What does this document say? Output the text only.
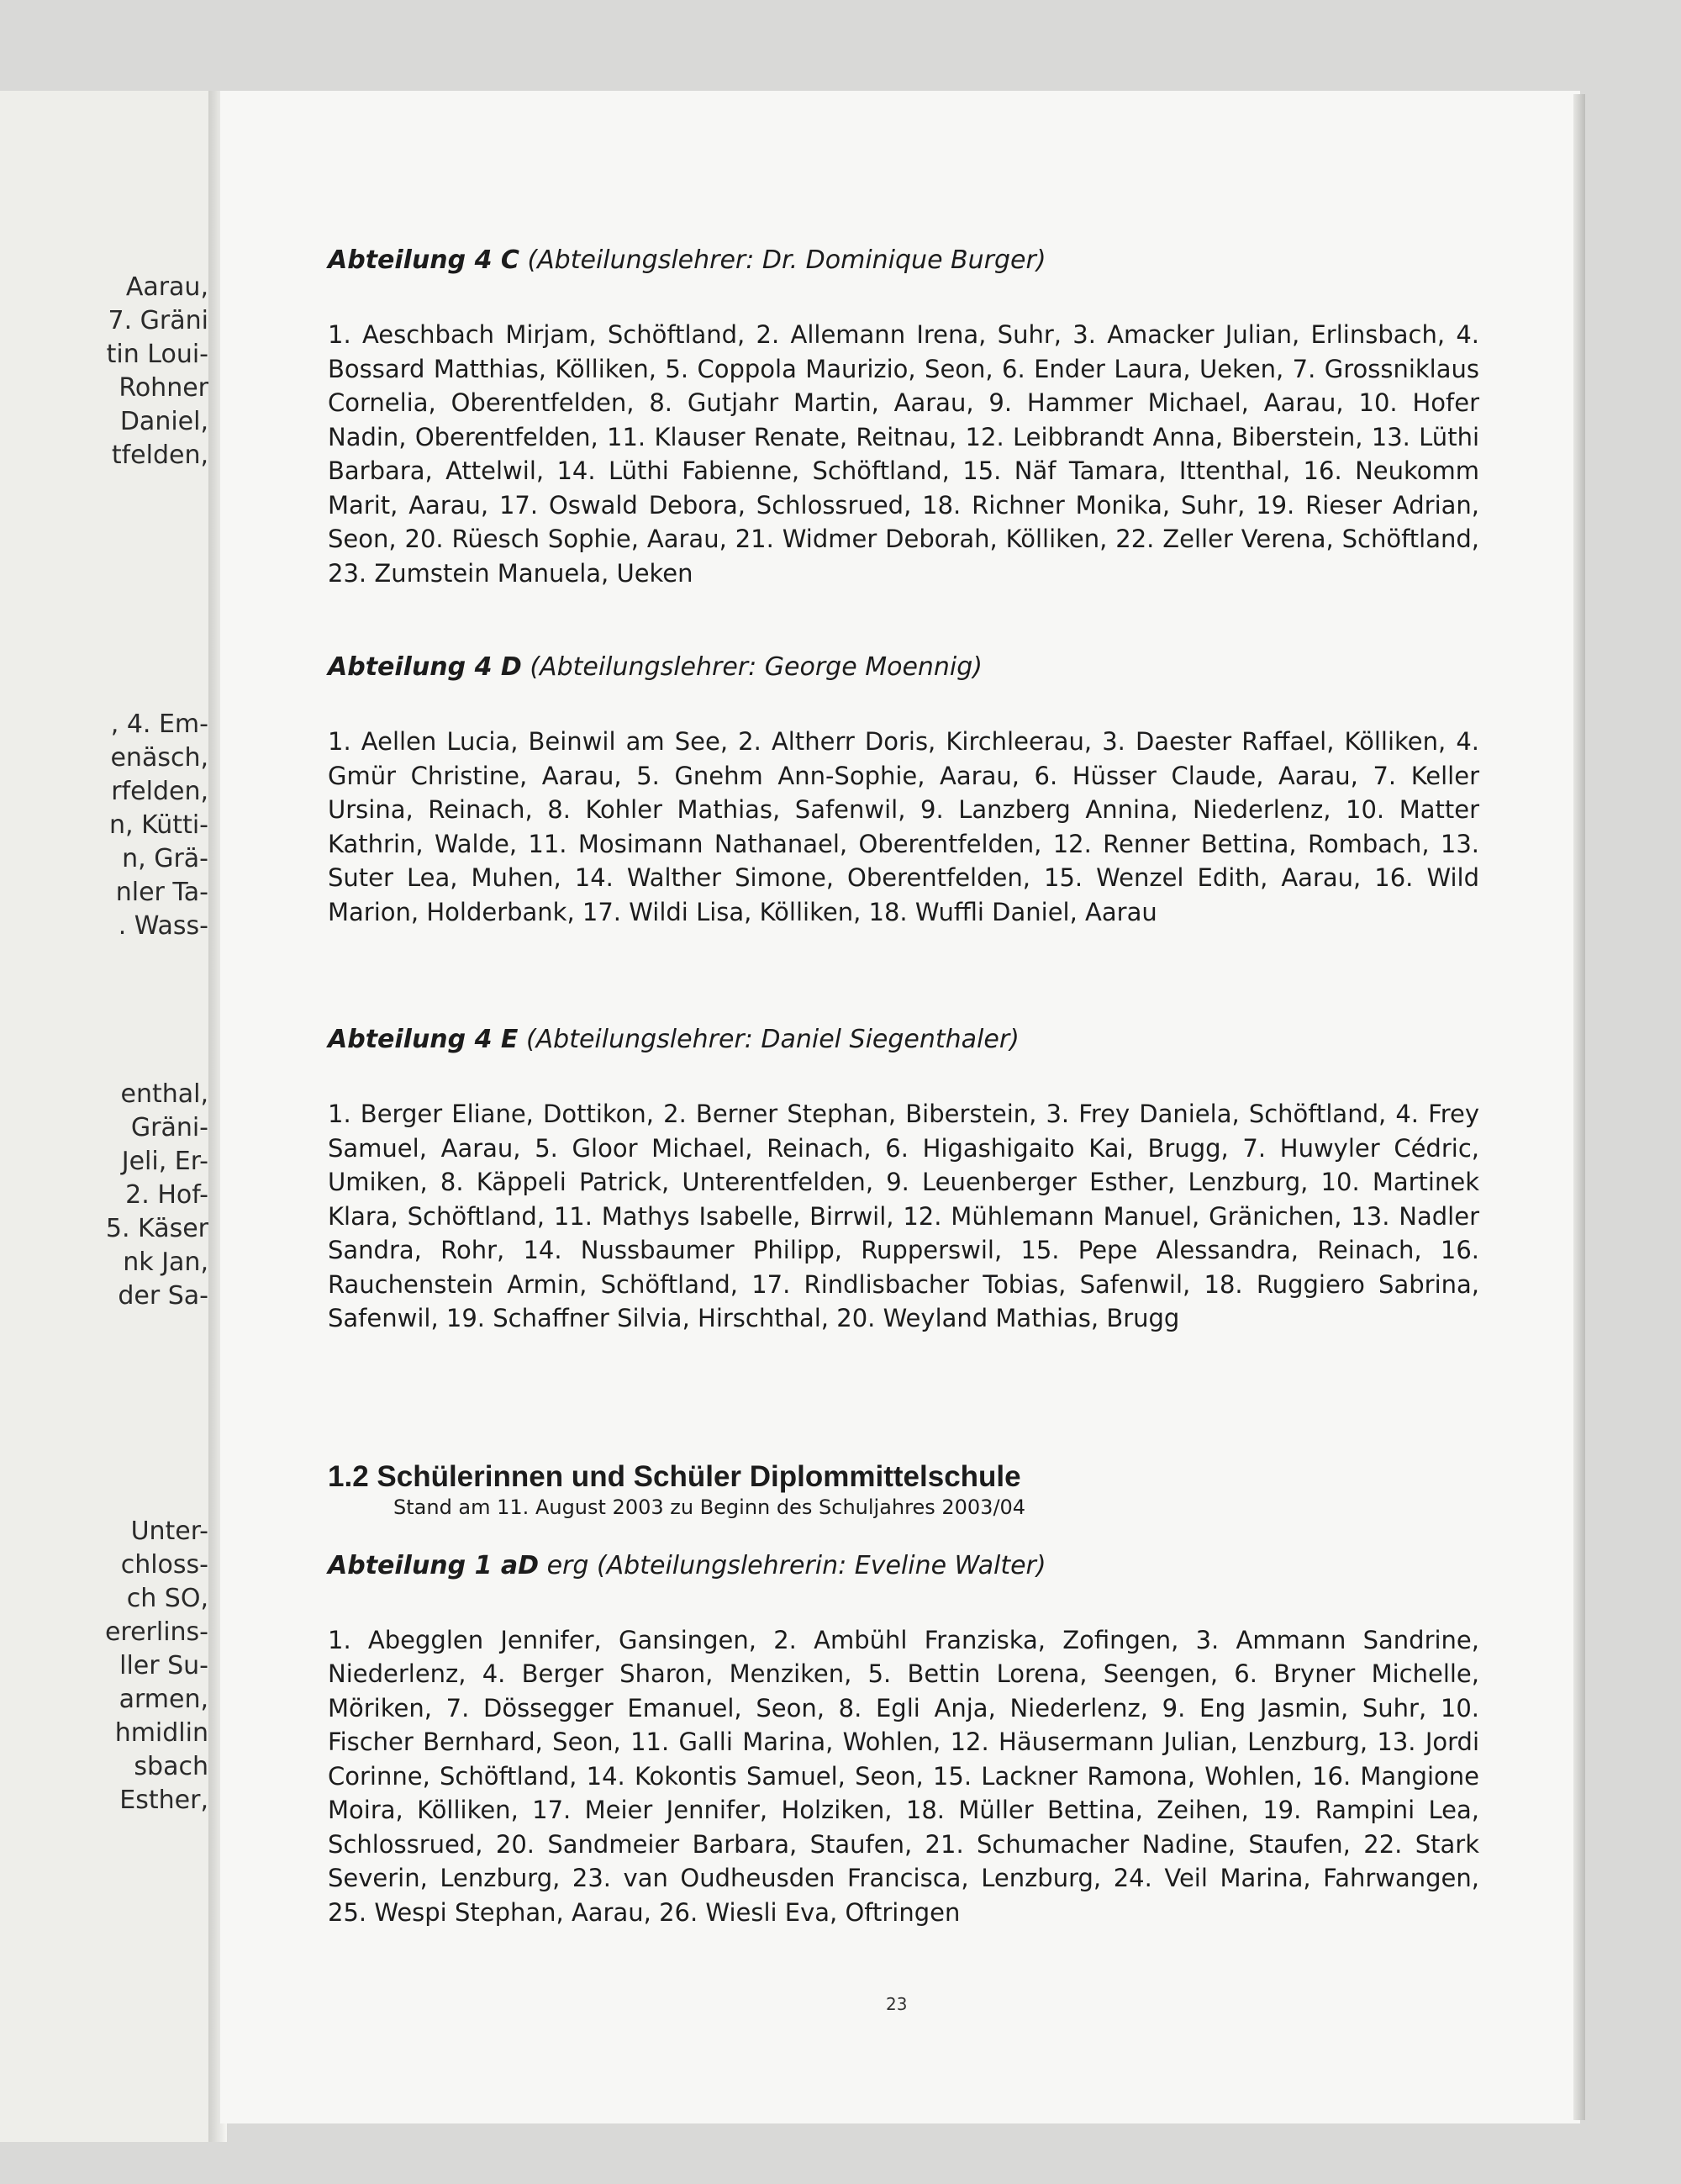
Aarau,
7. Gräni
tin Loui-
Rohner
Daniel,
tfelden,
, 4. Em-
enäsch,
rfelden,
n, Kütti-
n, Grä-
nler Ta-
. Wass-
enthal,
Gräni-
Jeli, Er-
2. Hof-
5. Käser
nk Jan,
der Sa-
Unter-
chloss-
ch SO,
ererlins-
ller Su-
armen,
hmidlin
sbach
Esther,

Abteilung 4 C (Abteilungslehrer: Dr. Dominique Burger)

1. Aeschbach Mirjam, Schöftland, 2. Allemann Irena, Suhr, 3. Amacker Julian, Erlinsbach, 4. Bossard Matthias, Kölliken, 5. Coppola Maurizio, Seon, 6. Ender Laura, Ueken, 7. Grossniklaus Cornelia, Oberentfelden, 8. Gutjahr Martin, Aarau, 9. Hammer Michael, Aarau, 10. Hofer Nadin, Oberentfelden, 11. Klauser Renate, Reitnau, 12. Leibbrandt Anna, Biberstein, 13. Lüthi Barbara, Attelwil, 14. Lüthi Fabienne, Schöftland, 15. Näf Tamara, Ittenthal, 16. Neukomm Marit, Aarau, 17. Oswald Debora, Schlossrued, 18. Richner Monika, Suhr, 19. Rieser Adrian, Seon, 20. Rüesch Sophie, Aarau, 21. Widmer Deborah, Kölliken, 22. Zeller Verena, Schöftland, 23. Zumstein Manuela, Ueken

Abteilung 4 D (Abteilungslehrer: George Moennig)

1. Aellen Lucia, Beinwil am See, 2. Altherr Doris, Kirchleerau, 3. Daester Raffael, Kölliken, 4. Gmür Christine, Aarau, 5. Gnehm Ann-Sophie, Aarau, 6. Hüsser Claude, Aarau, 7. Keller Ursina, Reinach, 8. Kohler Mathias, Safenwil, 9. Lanzberg Annina, Niederlenz, 10. Matter Kathrin, Walde, 11. Mosimann Nathanael, Oberentfelden, 12. Renner Bettina, Rombach, 13. Suter Lea, Muhen, 14. Walther Simone, Oberentfelden, 15. Wenzel Edith, Aarau, 16. Wild Marion, Holderbank, 17. Wildi Lisa, Kölliken, 18. Wuffli Daniel, Aarau

Abteilung 4 E (Abteilungslehrer: Daniel Siegenthaler)

1. Berger Eliane, Dottikon, 2. Berner Stephan, Biberstein, 3. Frey Daniela, Schöftland, 4. Frey Samuel, Aarau, 5. Gloor Michael, Reinach, 6. Higashigaito Kai, Brugg, 7. Huwyler Cédric, Umiken, 8. Käppeli Patrick, Unterentfelden, 9. Leuenberger Esther, Lenzburg, 10. Martinek Klara, Schöftland, 11. Mathys Isabelle, Birrwil, 12. Mühlemann Manuel, Gränichen, 13. Nadler Sandra, Rohr, 14. Nussbaumer Philipp, Rupperswil, 15. Pepe Alessandra, Reinach, 16. Rauchenstein Armin, Schöftland, 17. Rindlisbacher Tobias, Safenwil, 18. Ruggiero Sabrina, Safenwil, 19. Schaffner Silvia, Hirschthal, 20. Weyland Mathias, Brugg

1.2 Schülerinnen und Schüler Diplommittelschule

Stand am 11. August 2003 zu Beginn des Schuljahres 2003/04

Abteilung 1 aD erg (Abteilungslehrerin: Eveline Walter)

1. Abegglen Jennifer, Gansingen, 2. Ambühl Franziska, Zofingen, 3. Ammann Sandrine, Niederlenz, 4. Berger Sharon, Menziken, 5. Bettin Lorena, Seengen, 6. Bryner Michelle, Möriken, 7. Dössegger Emanuel, Seon, 8. Egli Anja, Niederlenz, 9. Eng Jasmin, Suhr, 10. Fischer Bernhard, Seon, 11. Galli Marina, Wohlen, 12. Häusermann Julian, Lenzburg, 13. Jordi Corinne, Schöftland, 14. Kokontis Samuel, Seon, 15. Lackner Ramona, Wohlen, 16. Mangione Moira, Kölliken, 17. Meier Jennifer, Holziken, 18. Müller Bettina, Zeihen, 19. Rampini Lea, Schlossrued, 20. Sandmeier Barbara, Staufen, 21. Schumacher Nadine, Staufen, 22. Stark Severin, Lenzburg, 23. van Oudheusden Francisca, Lenzburg, 24. Veil Marina, Fahrwangen, 25. Wespi Stephan, Aarau, 26. Wiesli Eva, Oftringen

23
